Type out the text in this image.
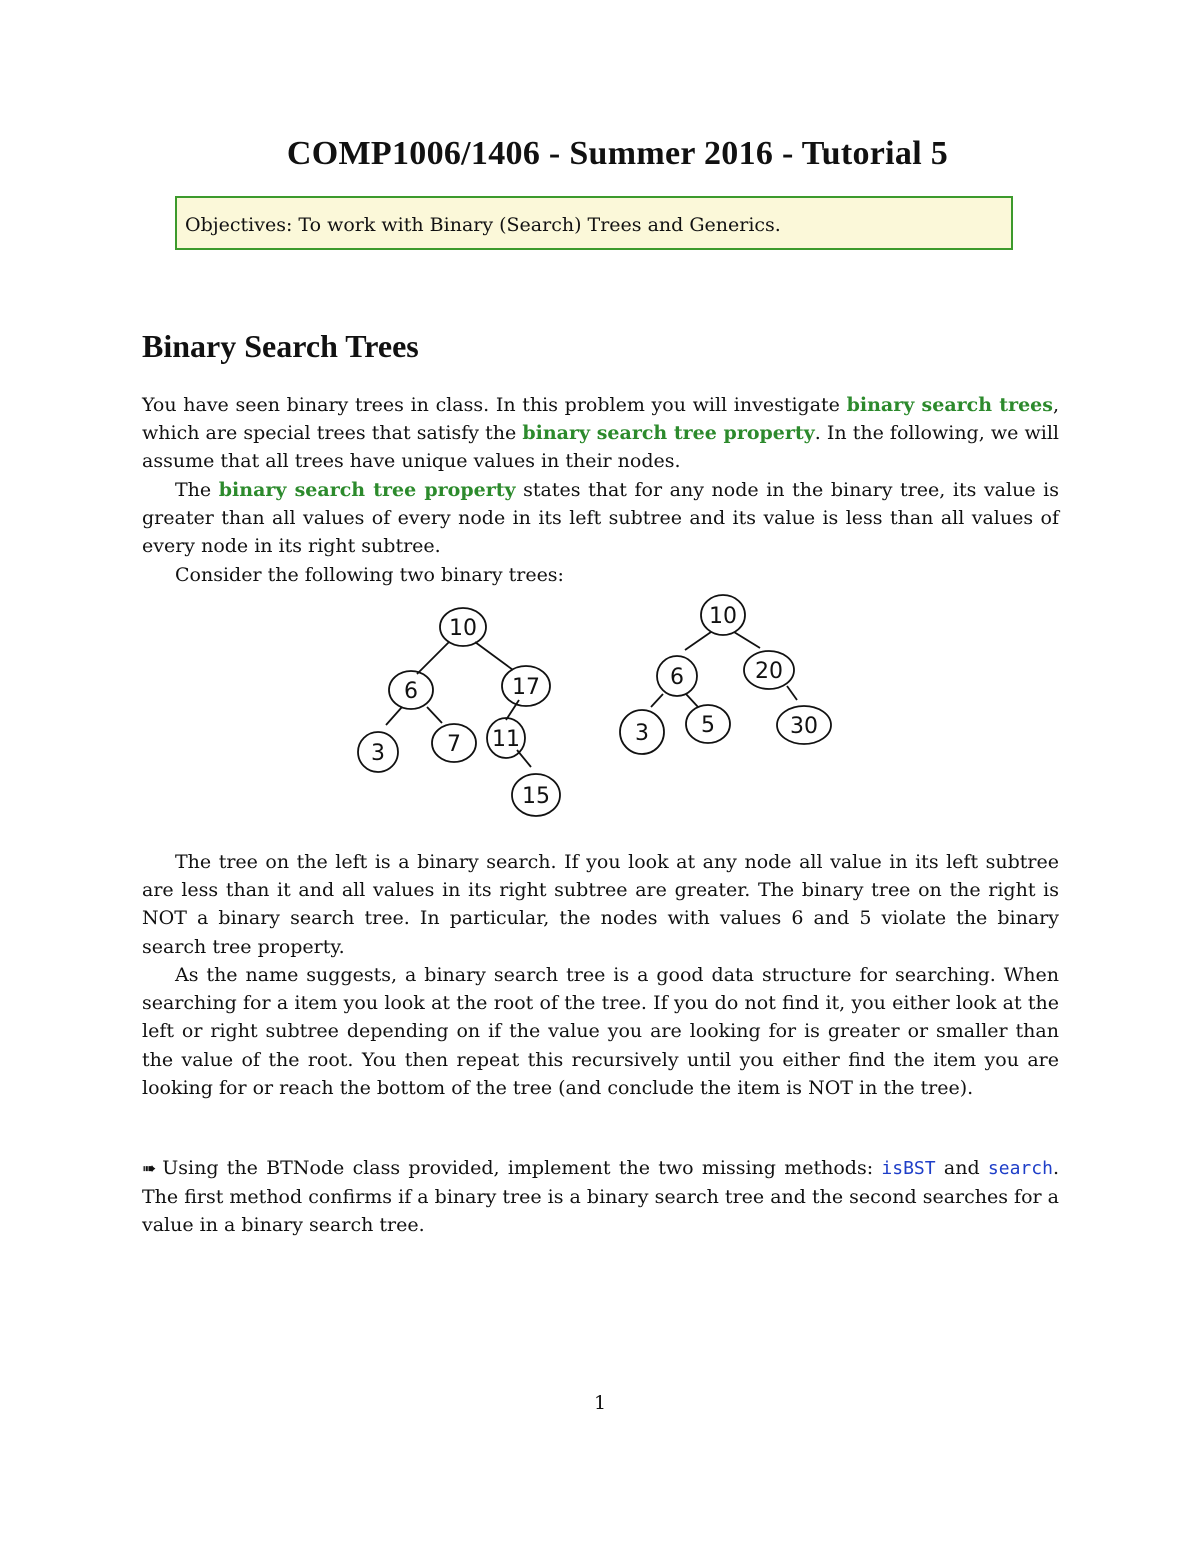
COMP1006/1406 - Summer 2016 - Tutorial 5
Objectives: To work with Binary (Search) Trees and Generics.
Binary Search Trees

You have seen binary trees in class. In this problem you will investigate binary search trees, which are special trees that satisfy the binary search tree property. In the following, we will assume that all trees have unique values in their nodes.

The binary search tree property states that for any node in the binary tree, its value is greater than all values of every node in its left subtree and its value is less than all values of every node in its right subtree.

Consider the following two binary trees:

10
6	17
3	7 11
15
10
6	20
3 5	30

The tree on the left is a binary search. If you look at any node all value in its left subtree are less than it and all values in its right subtree are greater. The binary tree on the right is NOT a binary search tree. In particular, the nodes with values 6 and 5 violate the binary search tree property.

As the name suggests, a binary search tree is a good data structure for searching. When searching for a item you look at the root of the tree. If you do not find it, you either look at the left or right subtree depending on if the value you are looking for is greater or smaller than the value of the root. You then repeat this recursively until you either find the item you are looking for or reach the bottom of the tree (and conclude the item is NOT in the tree).

➠ Using the BTNode class provided, implement the two missing methods: isBST and search. The first method confirms if a binary tree is a binary search tree and the second searches for a value in a binary search tree.

1
